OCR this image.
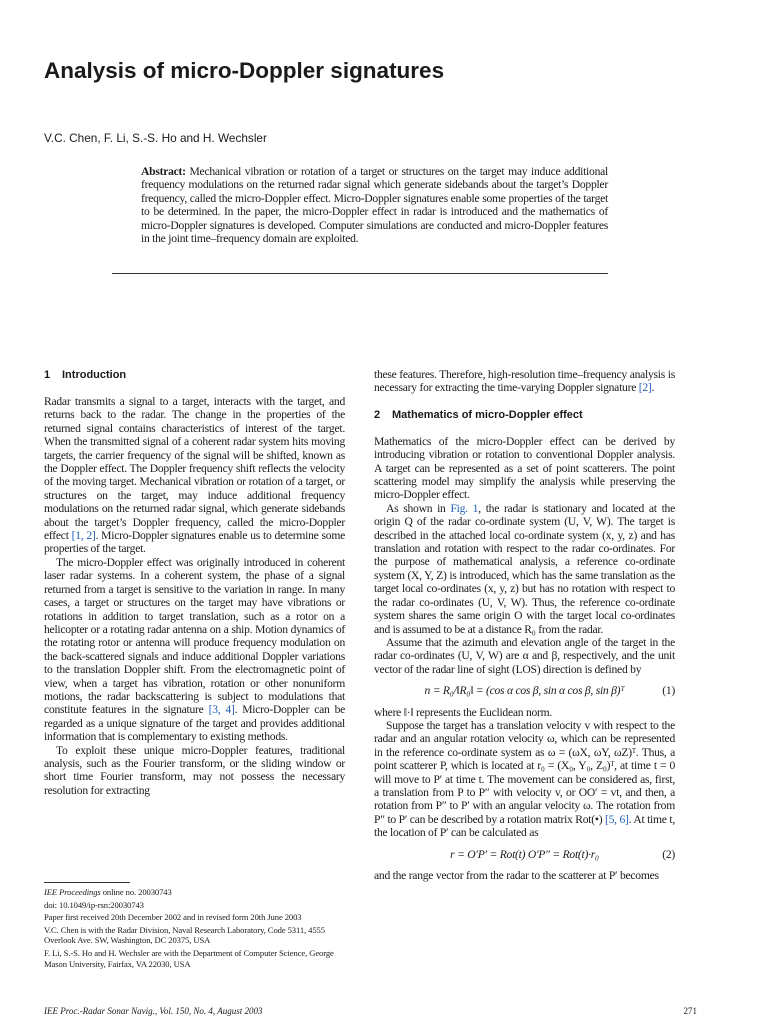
Analysis of micro-Doppler signatures
V.C. Chen, F. Li, S.-S. Ho and H. Wechsler
Abstract: Mechanical vibration or rotation of a target or structures on the target may induce additional frequency modulations on the returned radar signal which generate sidebands about the target’s Doppler frequency, called the micro-Doppler effect. Micro-Doppler signatures enable some properties of the target to be determined. In the paper, the micro-Doppler effect in radar is introduced and the mathematics of micro-Doppler signatures is developed. Computer simulations are conducted and micro-Doppler features in the joint time–frequency domain are exploited.
1 Introduction

Radar transmits a signal to a target, interacts with the target, and returns back to the radar. The change in the properties of the returned signal contains characteristics of interest of the target. When the transmitted signal of a coherent radar system hits moving targets, the carrier frequency of the signal will be shifted, known as the Doppler effect. The Doppler frequency shift reflects the velocity of the moving target. Mechanical vibration or rotation of a target, or structures on the target, may induce additional frequency modulations on the returned radar signal, which generate sidebands about the target’s Doppler frequency, called the micro-Doppler effect [1, 2]. Micro-Doppler signatures enable us to determine some properties of the target.

The micro-Doppler effect was originally introduced in coherent laser radar systems. In a coherent system, the phase of a signal returned from a target is sensitive to the variation in range. In many cases, a target or structures on the target may have vibrations or rotations in addition to target translation, such as a rotor on a helicopter or a rotating radar antenna on a ship. Motion dynamics of the rotating rotor or antenna will produce frequency modulation on the back-scattered signals and induce additional Doppler variations to the translation Doppler shift. From the electromagnetic point of view, when a target has vibration, rotation or other nonuniform motions, the radar backscattering is subject to modulations that constitute features in the signature [3, 4]. Micro-Doppler can be regarded as a unique signature of the target and provides additional information that is complementary to existing methods.

To exploit these unique micro-Doppler features, traditional analysis, such as the Fourier transform, or the sliding window or short time Fourier transform, may not possess the necessary resolution for extracting

these features. Therefore, high-resolution time–frequency analysis is necessary for extracting the time-varying Doppler signature [2].

2 Mathematics of micro-Doppler effect

Mathematics of the micro-Doppler effect can be derived by introducing vibration or rotation to conventional Doppler analysis. A target can be represented as a set of point scatterers. The point scattering model may simplify the analysis while preserving the micro-Doppler effect.

As shown in Fig. 1, the radar is stationary and located at the origin Q of the radar co-ordinate system (U, V, W). The target is described in the attached local co-ordinate system (x, y, z) and has translation and rotation with respect to the radar co-ordinates. For the purpose of mathematical analysis, a reference co-ordinate system (X, Y, Z) is introduced, which has the same translation as the target local co-ordinates (x, y, z) but has no rotation with respect to the radar co-ordinates (U, V, W). Thus, the reference co-ordinate system shares the same origin O with the target local co-ordinates and is assumed to be at a distance R₀ from the radar.

Assume that the azimuth and elevation angle of the target in the radar co-ordinates (U, V, W) are α and β, respectively, and the unit vector of the radar line of sight (LOS) direction is defined by

n = R₀/‖R₀‖ = (cos α cos β, sin α cos β, sin β)ᵀ	(1)

where ‖·‖ represents the Euclidean norm.

Suppose the target has a translation velocity v with respect to the radar and an angular rotation velocity ω, which can be represented in the reference co-ordinate system as ω = (ωX, ωY, ωZ)ᵀ. Thus, a point scatterer P, which is located at r₀ = (X₀, Y₀, Z₀)ᵀ, at time t = 0 will move to P′ at time t. The movement can be considered as, first, a translation from P to P″ with velocity v, or OO′ = vt, and then, a rotation from P″ to P′ with an angular velocity ω. The rotation from P″ to P′ can be described by a rotation matrix Rot(•) [5, 6]. At time t, the location of P′ can be calculated as

r = O′P′ = Rot(t) O′P″ = Rot(t)·r₀	(2)

and the range vector from the radar to the scatterer at P′ becomes

IEE Proceedings online no. 20030743

doi: 10.1049/ip-rsn:20030743

Paper first received 20th December 2002 and in revised form 20th June 2003

V.C. Chen is with the Radar Division, Naval Research Laboratory, Code 5311, 4555 Overlook Ave. SW, Washington, DC 20375, USA

F. Li, S.-S. Ho and H. Wechsler are with the Department of Computer Science, George Mason University, Fairfax, VA 22030, USA

IEE Proc.-Radar Sonar Navig., Vol. 150, No. 4, August 2003	271
